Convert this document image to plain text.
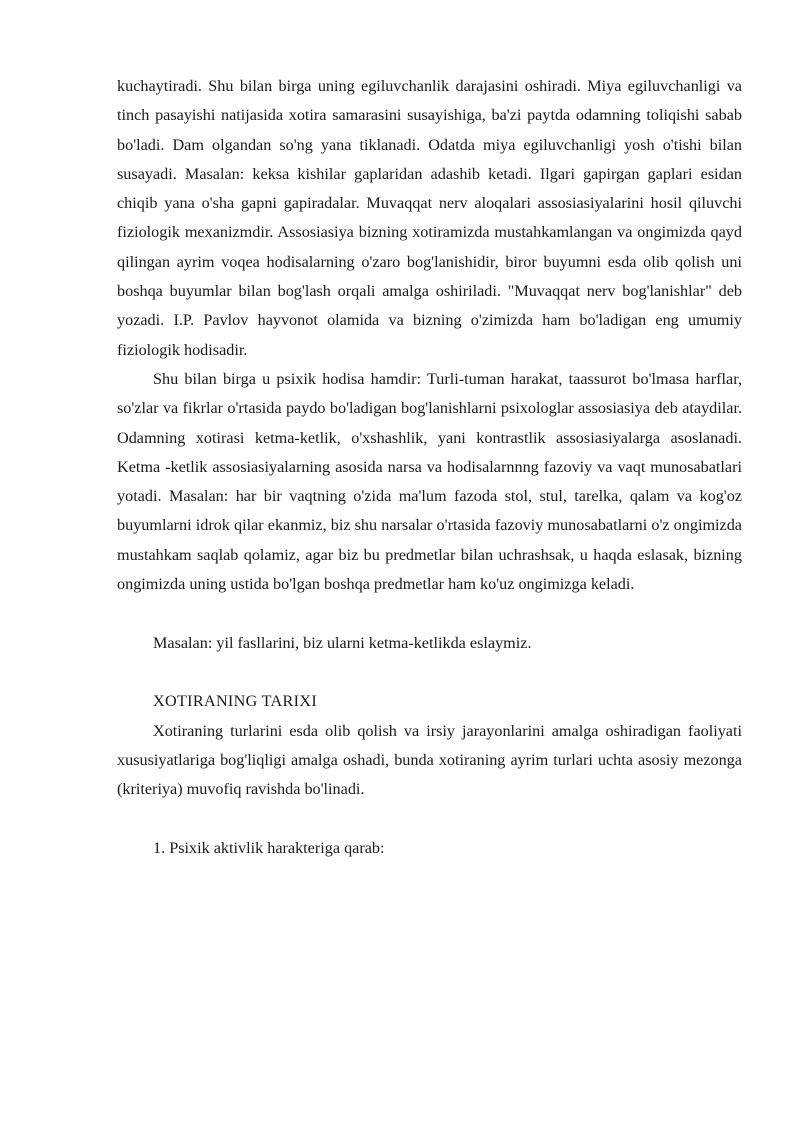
kuchaytiradi. Shu bilan birga uning egiluvchanlik darajasini oshiradi. Miya egiluvchanligi va tinch pasayishi natijasida xotira samarasini susayishiga, ba'zi paytda odamning toliqishi sabab bo'ladi. Dam olgandan so'ng yana tiklanadi. Odatda miya egiluvchanligi yosh o'tishi bilan susayadi. Masalan: keksa kishilar gaplaridan adashib ketadi. Ilgari gapirgan gaplari esidan chiqib yana o'sha gapni gapiradalar. Muvaqqat nerv aloqalari assosiasiyalarini hosil qiluvchi fiziologik mexanizmdir. Assosiasiya bizning xotiramizda mustahkamlangan va ongimizda qayd qilingan ayrim voqea hodisalarning o'zaro bog'lanishidir, biror buyumni esda olib qolish uni boshqa buyumlar bilan bog'lash orqali amalga oshiriladi. "Muvaqqat nerv bog'lanishlar" deb yozadi. I.P. Pavlov hayvonot olamida va bizning o'zimizda ham bo'ladigan eng umumiy fiziologik hodisadir.

Shu bilan birga u psixik hodisa hamdir: Turli-tuman harakat, taassurot bo'lmasa harflar, so'zlar va fikrlar o'rtasida paydo bo'ladigan bog'lanishlarni psixologlar assosiasiya deb ataydilar. Odamning xotirasi ketma-ketlik, o'xshashlik, yani kontrastlik assosiasiyalarga asoslanadi. Ketma -ketlik assosiasiyalarning asosida narsa va hodisalarnnng fazoviy va vaqt munosabatlari yotadi. Masalan: har bir vaqtning o'zida ma'lum fazoda stol, stul, tarelka, qalam va kog'oz buyumlarni idrok qilar ekanmiz, biz shu narsalar o'rtasida fazoviy munosabatlarni o'z ongimizda mustahkam saqlab qolamiz, agar biz bu predmetlar bilan uchrashsak, u haqda eslasak, bizning ongimizda uning ustida bo'lgan boshqa predmetlar ham ko'uz ongimizga keladi.

Masalan: yil fasllarini, biz ularni ketma-ketlikda eslaymiz.

XOTIRANING TARIXI

Xotiraning turlarini esda olib qolish va irsiy jarayonlarini amalga oshiradigan faoliyati xususiyatlariga bog'liqligi amalga oshadi, bunda xotiraning ayrim turlari uchta asosiy mezonga (kriteriya) muvofiq ravishda bo'linadi.

1. Psixik aktivlik harakteriga qarab:
